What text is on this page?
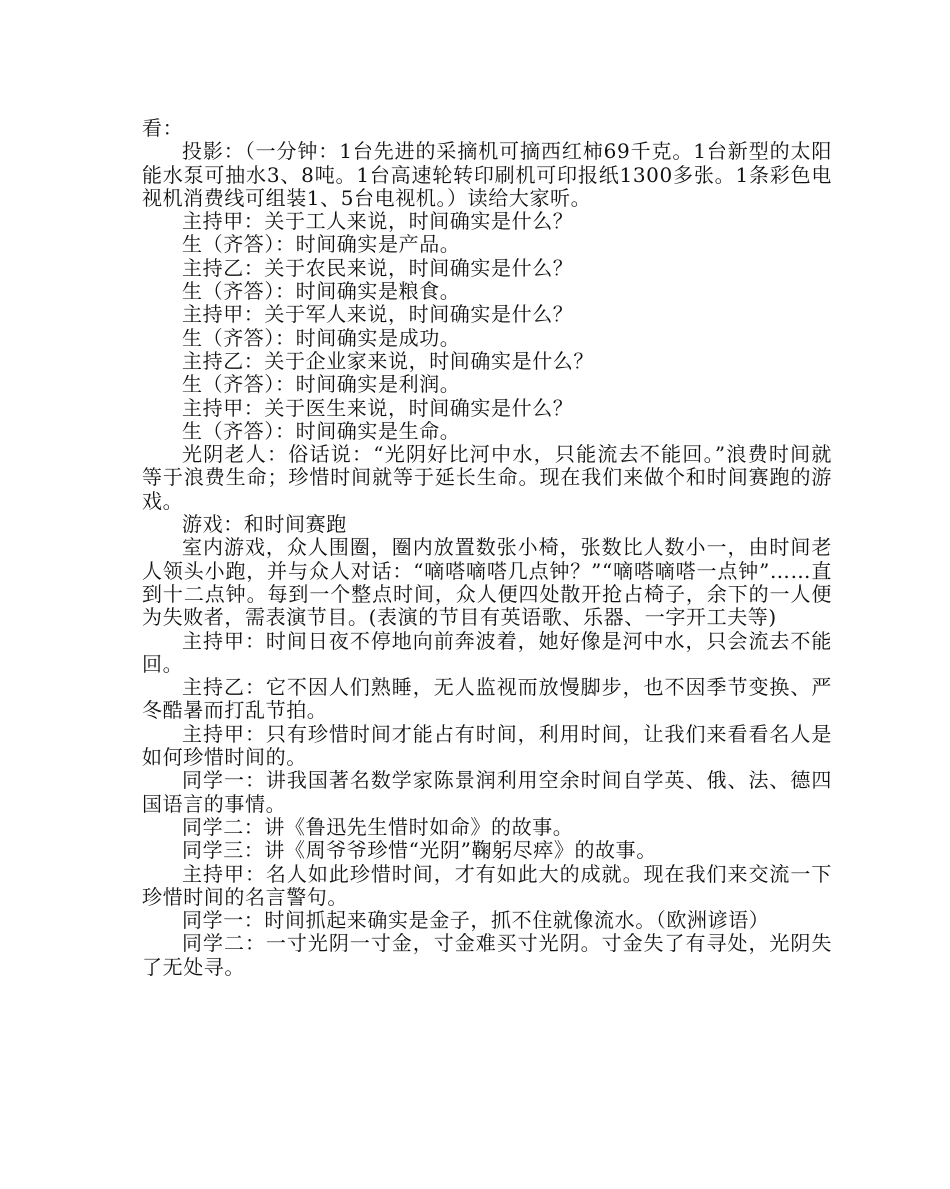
看：

投影：（一分钟：1台先进的采摘机可摘西红柿69千克。1台新型的太阳能水泵可抽水3、8吨。1台高速轮转印刷机可印报纸1300多张。1条彩色电视机消费线可组装1、5台电视机。）读给大家听。

主持甲：关于工人来说，时间确实是什么？

生（齐答）：时间确实是产品。

主持乙：关于农民来说，时间确实是什么？

生（齐答）：时间确实是粮食。

主持甲：关于军人来说，时间确实是什么？

生（齐答）：时间确实是成功。

主持乙：关于企业家来说，时间确实是什么？

生（齐答）：时间确实是利润。

主持甲：关于医生来说，时间确实是什么？

生（齐答）：时间确实是生命。

光阴老人：俗话说：“光阴好比河中水，只能流去不能回。”浪费时间就等于浪费生命；珍惜时间就等于延长生命。现在我们来做个和时间赛跑的游戏。

游戏：和时间赛跑

室内游戏，众人围圈，圈内放置数张小椅，张数比人数小一，由时间老人领头小跑，并与众人对话：“嘀嗒嘀嗒几点钟？”“嘀嗒嘀嗒一点钟”……直到十二点钟。每到一个整点时间，众人便四处散开抢占椅子，余下的一人便为失败者，需表演节目。(表演的节目有英语歌、乐器、一字开工夫等)

主持甲：时间日夜不停地向前奔波着，她好像是河中水，只会流去不能回。

主持乙：它不因人们熟睡，无人监视而放慢脚步，也不因季节变换、严冬酷暑而打乱节拍。

主持甲：只有珍惜时间才能占有时间，利用时间，让我们来看看名人是如何珍惜时间的。

同学一：讲我国著名数学家陈景润利用空余时间自学英、俄、法、德四国语言的事情。

同学二：讲《鲁迅先生惜时如命》的故事。

同学三：讲《周爷爷珍惜“光阴”鞠躬尽瘁》的故事。

主持甲：名人如此珍惜时间，才有如此大的成就。现在我们来交流一下珍惜时间的名言警句。

同学一：时间抓起来确实是金子，抓不住就像流水。（欧洲谚语）

同学二：一寸光阴一寸金，寸金难买寸光阴。寸金失了有寻处，光阴失了无处寻。
